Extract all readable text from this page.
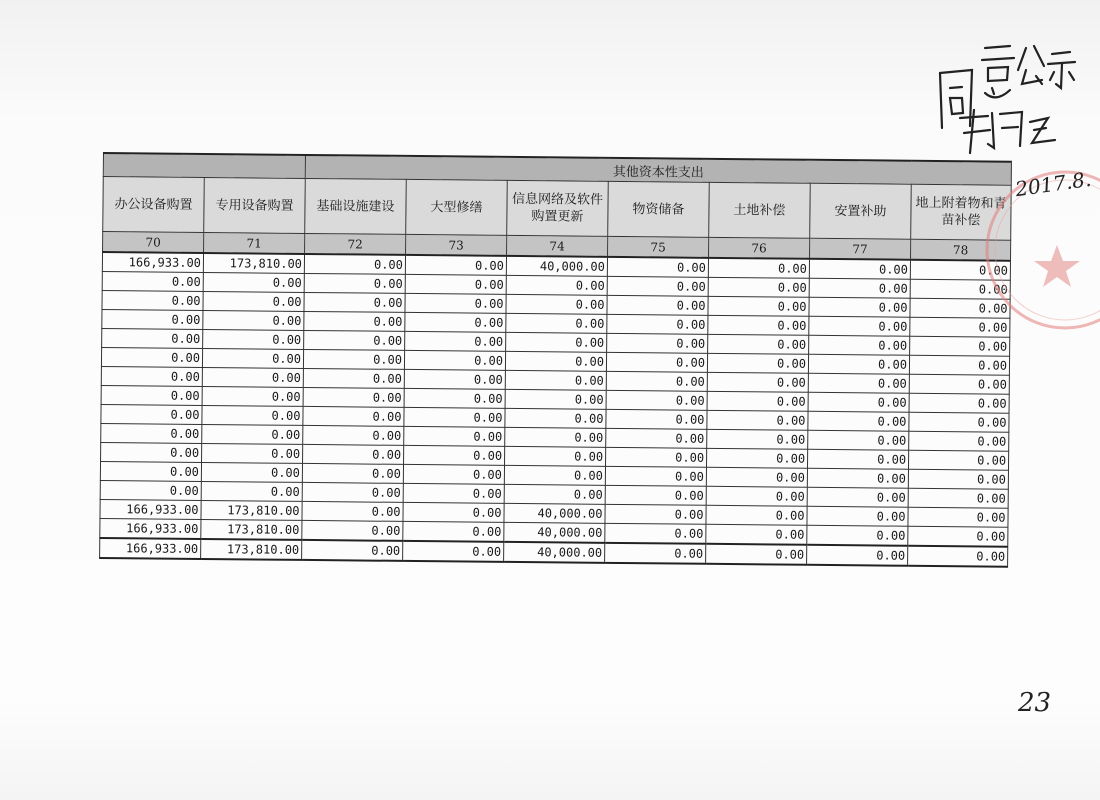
		其他资本性支出						
办公设备购置	专用设备购置	基础设施建设	大型修缮	信息网络及软件购置更新	物资储备	土地补偿	安置补助	地上附着物和青苗补偿
70	71	72	73	74	75	76	77	78
166,933.00	173,810.00	0.00	0.00	40,000.00	0.00	0.00	0.00	0.00
0.00	0.00	0.00	0.00	0.00	0.00	0.00	0.00	0.00
0.00	0.00	0.00	0.00	0.00	0.00	0.00	0.00	0.00
0.00	0.00	0.00	0.00	0.00	0.00	0.00	0.00	0.00
0.00	0.00	0.00	0.00	0.00	0.00	0.00	0.00	0.00
0.00	0.00	0.00	0.00	0.00	0.00	0.00	0.00	0.00
0.00	0.00	0.00	0.00	0.00	0.00	0.00	0.00	0.00
0.00	0.00	0.00	0.00	0.00	0.00	0.00	0.00	0.00
0.00	0.00	0.00	0.00	0.00	0.00	0.00	0.00	0.00
0.00	0.00	0.00	0.00	0.00	0.00	0.00	0.00	0.00
0.00	0.00	0.00	0.00	0.00	0.00	0.00	0.00	0.00
0.00	0.00	0.00	0.00	0.00	0.00	0.00	0.00	0.00
0.00	0.00	0.00	0.00	0.00	0.00	0.00	0.00	0.00
166,933.00	173,810.00	0.00	0.00	40,000.00	0.00	0.00	0.00	0.00
166,933.00	173,810.00	0.00	0.00	40,000.00	0.00	0.00	0.00	0.00
166,933.00	173,810.00	0.00	0.00	40,000.00	0.00	0.00	0.00	0.00
2017.8.
23
